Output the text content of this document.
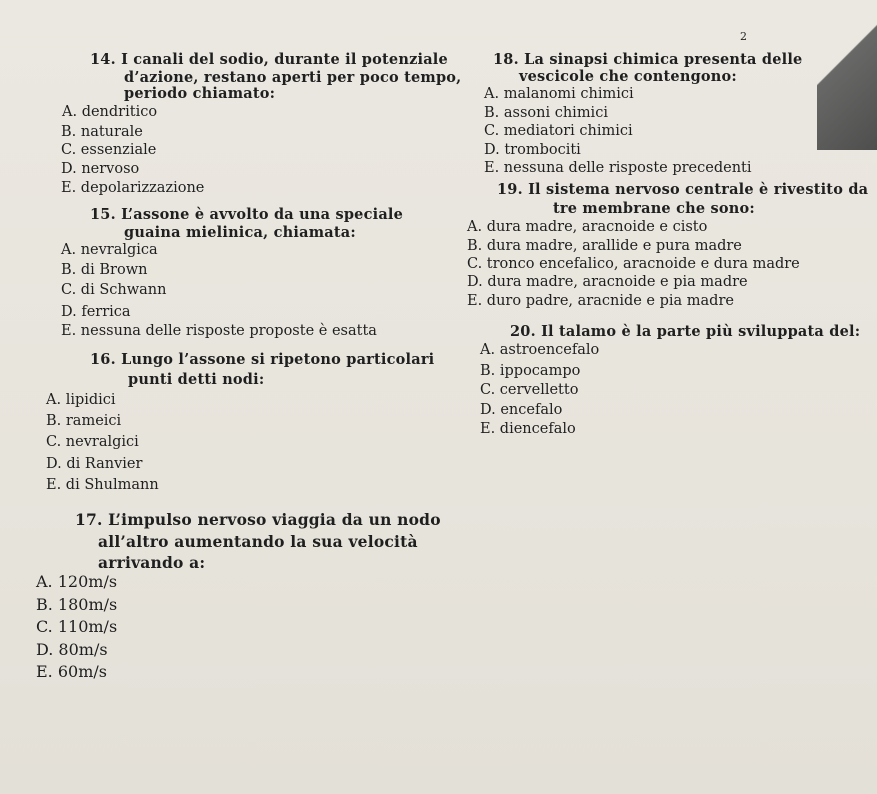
2
14. I canali del sodio, durante il potenziale
d’azione, restano aperti per poco tempo,
periodo chiamato:
A. dendritico
B. naturale
C. essenziale
D. nervoso
E. depolarizzazione
15. L’assone è avvolto da una speciale
guaina mielinica, chiamata:
A. nevralgica
B. di Brown
C. di Schwann
D. ferrica
E. nessuna delle risposte proposte è esatta
16. Lungo l’assone si ripetono particolari
punti detti nodi:
A. lipidici
B. rameici
C. nevralgici
D. di Ranvier
E. di Shulmann
17. L’impulso nervoso viaggia da un nodo
all’altro aumentando la sua velocità
arrivando a:
A. 120m/s
B. 180m/s
C. 110m/s
D. 80m/s
E. 60m/s
18. La sinapsi chimica presenta delle
vescicole che contengono:
A. malanomi chimici
B. assoni chimici
C. mediatori chimici
D. trombociti
E. nessuna delle risposte precedenti
19. Il sistema nervoso centrale è rivestito da
tre membrane che sono:
A. dura madre, aracnoide e cisto
B. dura madre, arallide e pura madre
C. tronco encefalico, aracnoide e dura madre
D. dura madre, aracnoide e pia madre
E. duro padre, aracnide e pia madre
20. Il talamo è la parte più sviluppata del:
A. astroencefalo
B. ippocampo
C. cervelletto
D. encefalo
E. diencefalo
